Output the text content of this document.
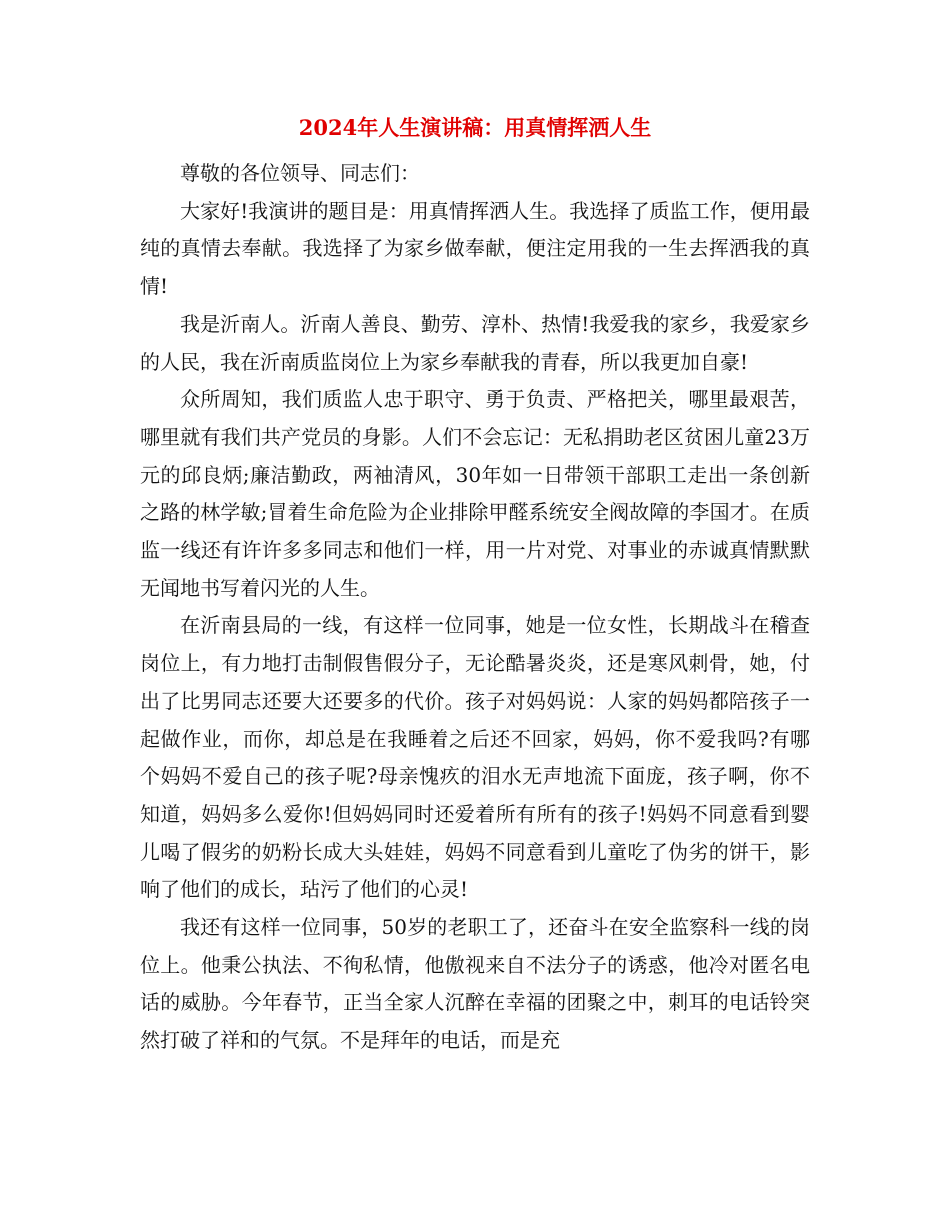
2024年人生演讲稿：用真情挥洒人生

尊敬的各位领导、同志们：

大家好!我演讲的题目是：用真情挥洒人生。我选择了质监工作，便用最纯的真情去奉献。我选择了为家乡做奉献，便注定用我的一生去挥洒我的真情!

我是沂南人。沂南人善良、勤劳、淳朴、热情!我爱我的家乡，我爱家乡的人民，我在沂南质监岗位上为家乡奉献我的青春，所以我更加自豪!

众所周知，我们质监人忠于职守、勇于负责、严格把关，哪里最艰苦，哪里就有我们共产党员的身影。人们不会忘记：无私捐助老区贫困儿童23万元的邱良炳;廉洁勤政，两袖清风，30年如一日带领干部职工走出一条创新之路的林学敏;冒着生命危险为企业排除甲醛系统安全阀故障的李国才。在质监一线还有许许多多同志和他们一样，用一片对党、对事业的赤诚真情默默无闻地书写着闪光的人生。

在沂南县局的一线，有这样一位同事，她是一位女性，长期战斗在稽查岗位上，有力地打击制假售假分子，无论酷暑炎炎，还是寒风刺骨，她，付出了比男同志还要大还要多的代价。孩子对妈妈说：人家的妈妈都陪孩子一起做作业，而你，却总是在我睡着之后还不回家，妈妈，你不爱我吗?有哪个妈妈不爱自己的孩子呢?母亲愧疚的泪水无声地流下面庞，孩子啊，你不知道，妈妈多么爱你!但妈妈同时还爱着所有所有的孩子!妈妈不同意看到婴儿喝了假劣的奶粉长成大头娃娃，妈妈不同意看到儿童吃了伪劣的饼干，影响了他们的成长，玷污了他们的心灵!

我还有这样一位同事，50岁的老职工了，还奋斗在安全监察科一线的岗位上。他秉公执法、不徇私情，他傲视来自不法分子的诱惑，他冷对匿名电话的威胁。今年春节，正当全家人沉醉在幸福的团聚之中，刺耳的电话铃突然打破了祥和的气氛。不是拜年的电话，而是充
